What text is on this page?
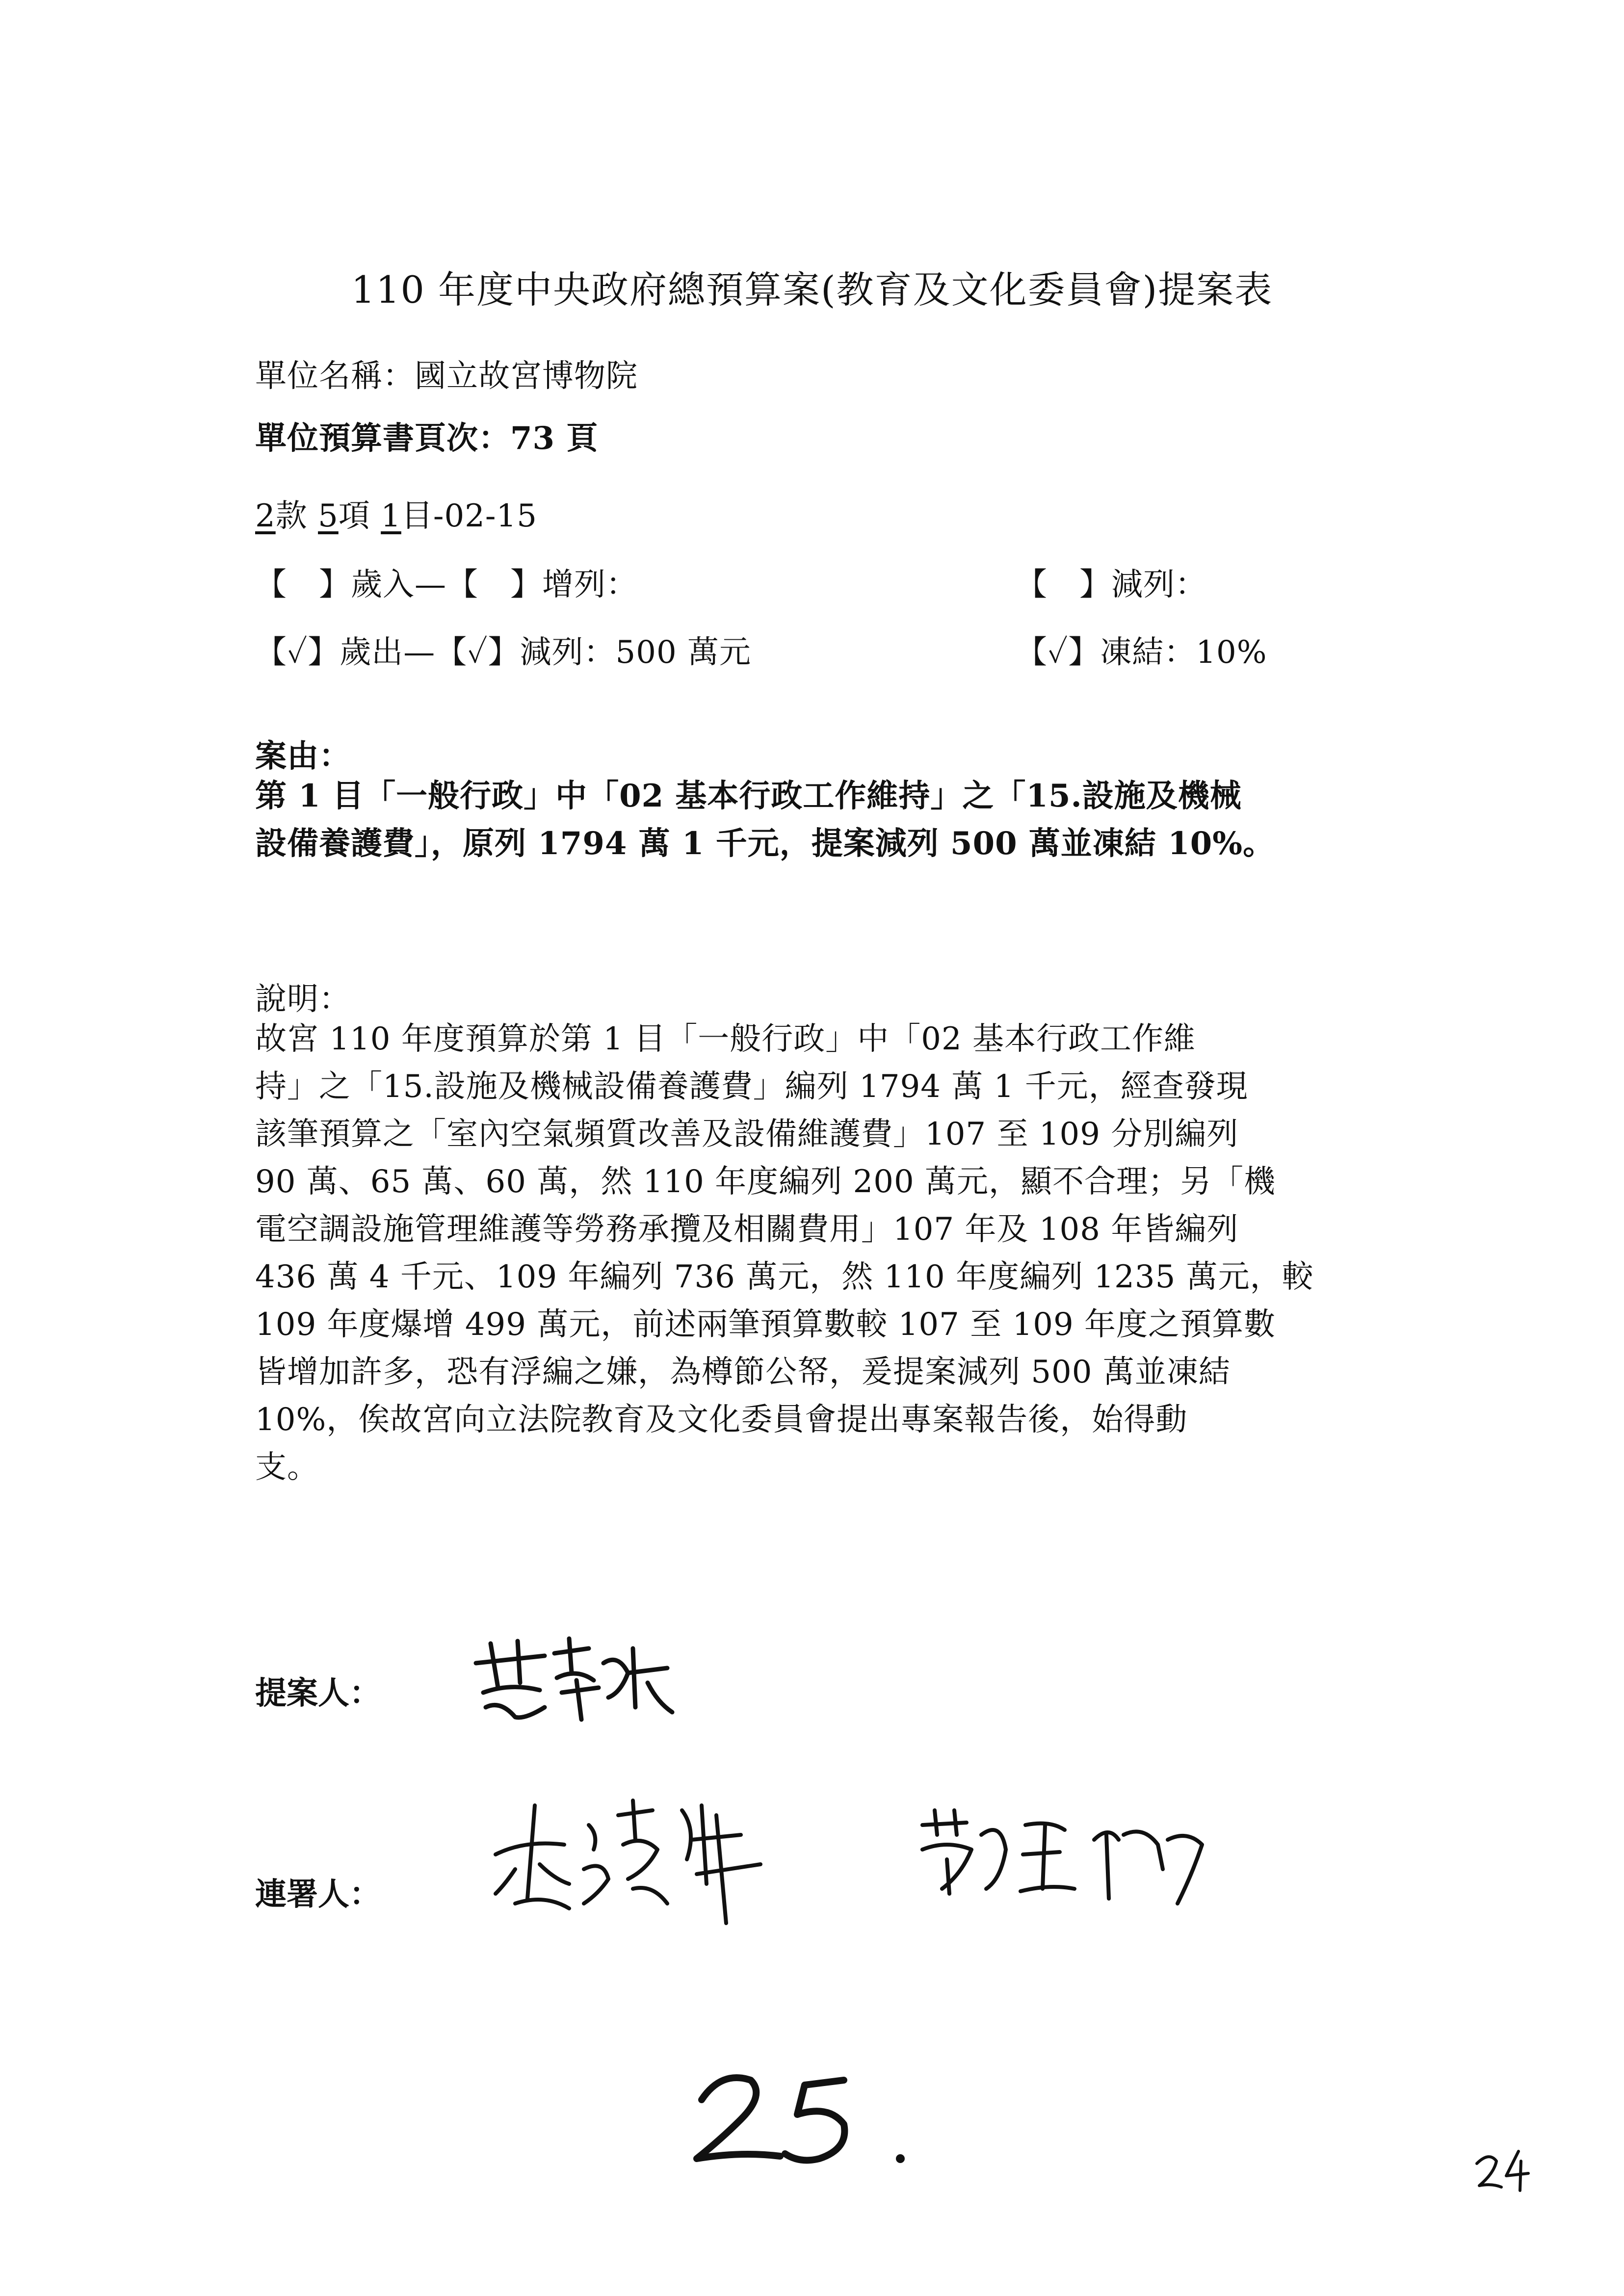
110 年度中央政府總預算案(教育及文化委員會)提案表
單位名稱：國立故宮博物院
單位預算書頁次：73 頁
2款 5項 1目-02-15
【　】歲入—【　】增列：	【　】減列：
【✓】歲出—【✓】減列：500 萬元	【✓】凍結：10%
案由：
第 1 目「一般行政」中「02 基本行政工作維持」之「15.設施及機械
設備養護費」，原列 1794 萬 1 千元，提案減列 500 萬並凍結 10%。
說明：
故宮 110 年度預算於第 1 目「一般行政」中「02 基本行政工作維
持」之「15.設施及機械設備養護費」編列 1794 萬 1 千元，經查發現
該筆預算之「室內空氣頻質改善及設備維護費」107 至 109 分別編列
90 萬、65 萬、60 萬，然 110 年度編列 200 萬元，顯不合理；另「機
電空調設施管理維護等勞務承攬及相關費用」107 年及 108 年皆編列
436 萬 4 千元、109 年編列 736 萬元，然 110 年度編列 1235 萬元，較
109 年度爆增 499 萬元，前述兩筆預算數較 107 至 109 年度之預算數
皆增加許多，恐有浮編之嫌，為樽節公帑，爰提案減列 500 萬並凍結
10%，俟故宮向立法院教育及文化委員會提出專案報告後，始得動
支。
提案人：
連署人：
